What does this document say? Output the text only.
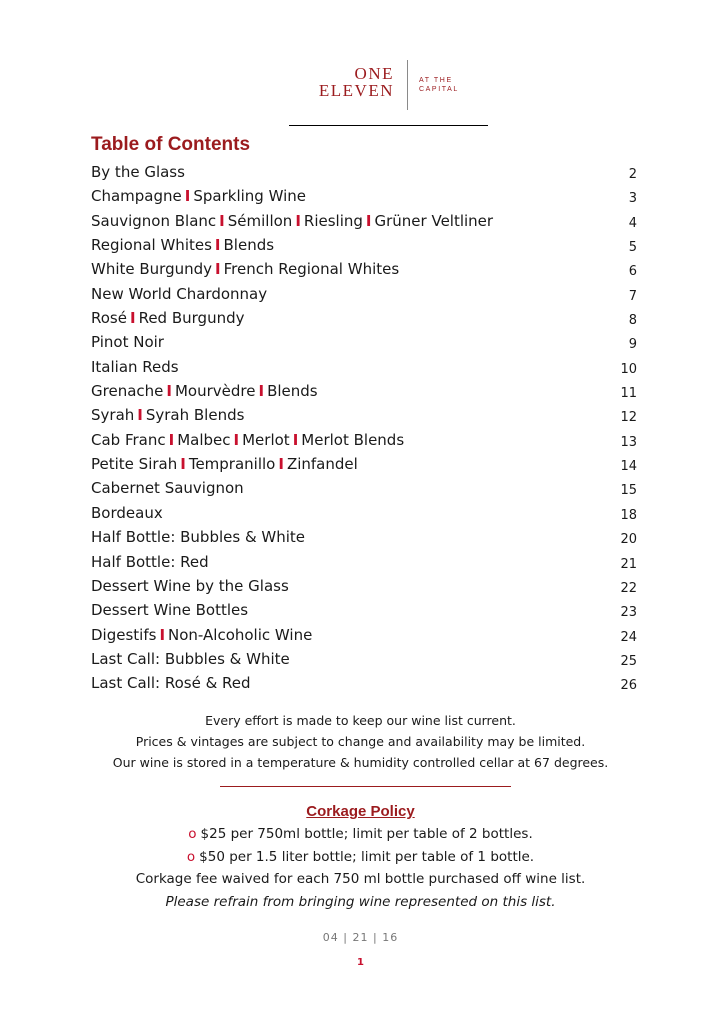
ONE
ELEVEN
AT THE
CAPITAL
Table of Contents
By the Glass	2
Champagne I Sparkling Wine	3
Sauvignon Blanc I Sémillon I Riesling I Grüner Veltliner	4
Regional Whites I Blends	5
White Burgundy I French Regional Whites	6
New World Chardonnay	7
Rosé I Red Burgundy	8
Pinot Noir	9
Italian Reds	10
Grenache I Mourvèdre I Blends	11
Syrah I Syrah Blends	12
Cab Franc I Malbec I Merlot I Merlot Blends	13
Petite Sirah I Tempranillo I Zinfandel	14
Cabernet Sauvignon	15
Bordeaux	18
Half Bottle: Bubbles & White	20
Half Bottle: Red	21
Dessert Wine by the Glass	22
Dessert Wine Bottles	23
Digestifs I Non-Alcoholic Wine	24
Last Call: Bubbles & White	25
Last Call: Rosé & Red	26
Every effort is made to keep our wine list current.
Prices & vintages are subject to change and availability may be limited.
Our wine is stored in a temperature & humidity controlled cellar at 67 degrees.
Corkage Policy
o $25 per 750ml bottle; limit per table of 2 bottles.
o $50 per 1.5 liter bottle; limit per table of 1 bottle.
Corkage fee waived for each 750 ml bottle purchased off wine list.
Please refrain from bringing wine represented on this list.
04 | 21 | 16
1
